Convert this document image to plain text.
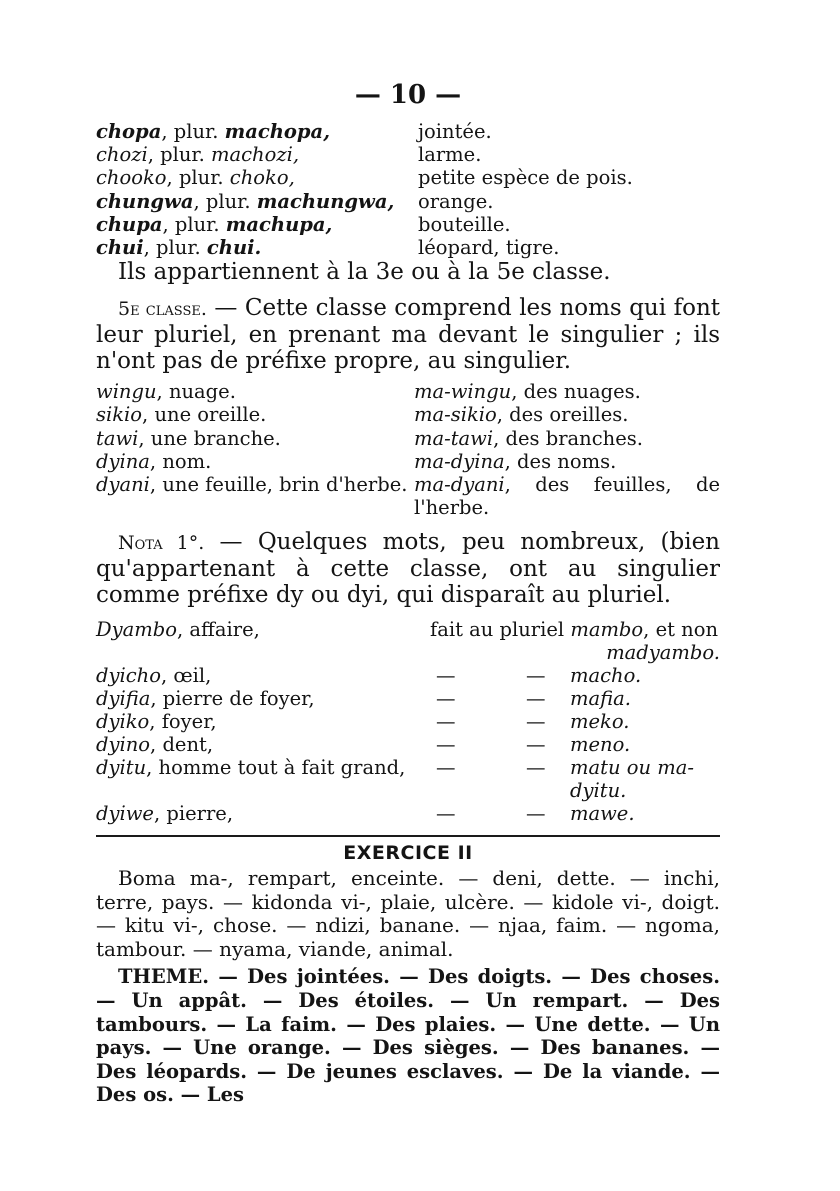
— 10 —
chopa, plur. machopa,	jointée.
chozi, plur. machozi,	larme.
chooko, plur. choko,	petite espèce de pois.
chungwa, plur. machungwa,	orange.
chupa, plur. machupa,	bouteille.
chui, plur. chui.	léopard, tigre.

Ils appartiennent à la 3e ou à la 5e classe.

5e classe. — Cette classe comprend les noms qui font leur pluriel, en prenant ma devant le singulier ; ils n'ont pas de préfixe propre, au singulier.

wingu, nuage.	ma-wingu, des nuages.
sikio, une oreille.	ma-sikio, des oreilles.
tawi, une branche.	ma-tawi, des branches.
dyina, nom.	ma-dyina, des noms.
dyani, une feuille, brin d'herbe. ma-dyani, des feuilles, de l'herbe.

Nota 1°. — Quelques mots, peu nombreux, (bien qu'appartenant à cette classe, ont au singulier comme préfixe dy ou dyi, qui disparaît au pluriel.

Dyambo, affaire,	fait au pluriel mambo, et non
madyambo.
dyicho, œil,	—	—	macho.
dyifia, pierre de foyer,	—	—	mafia.
dyiko, foyer,	—	—	meko.
dyino, dent,	—	—	meno.
dyitu, homme tout à fait grand,	—	—	matu ou ma-dyitu.
dyiwe, pierre,	—	—	mawe.
EXERCICE II

Boma ma-, rempart, enceinte. — deni, dette. — inchi, terre, pays. — kidonda vi-, plaie, ulcère. — kidole vi-, doigt. — kitu vi-, chose. — ndizi, banane. — njaa, faim. — ngoma, tambour. — nyama, viande, animal.

THEME. — Des jointées. — Des doigts. — Des choses. — Un appât. — Des étoiles. — Un rempart. — Des tambours. — La faim. — Des plaies. — Une dette. — Un pays. — Une orange. — Des sièges. — Des bananes. — Des léopards. — De jeunes esclaves. — De la viande. — Des os. — Les
